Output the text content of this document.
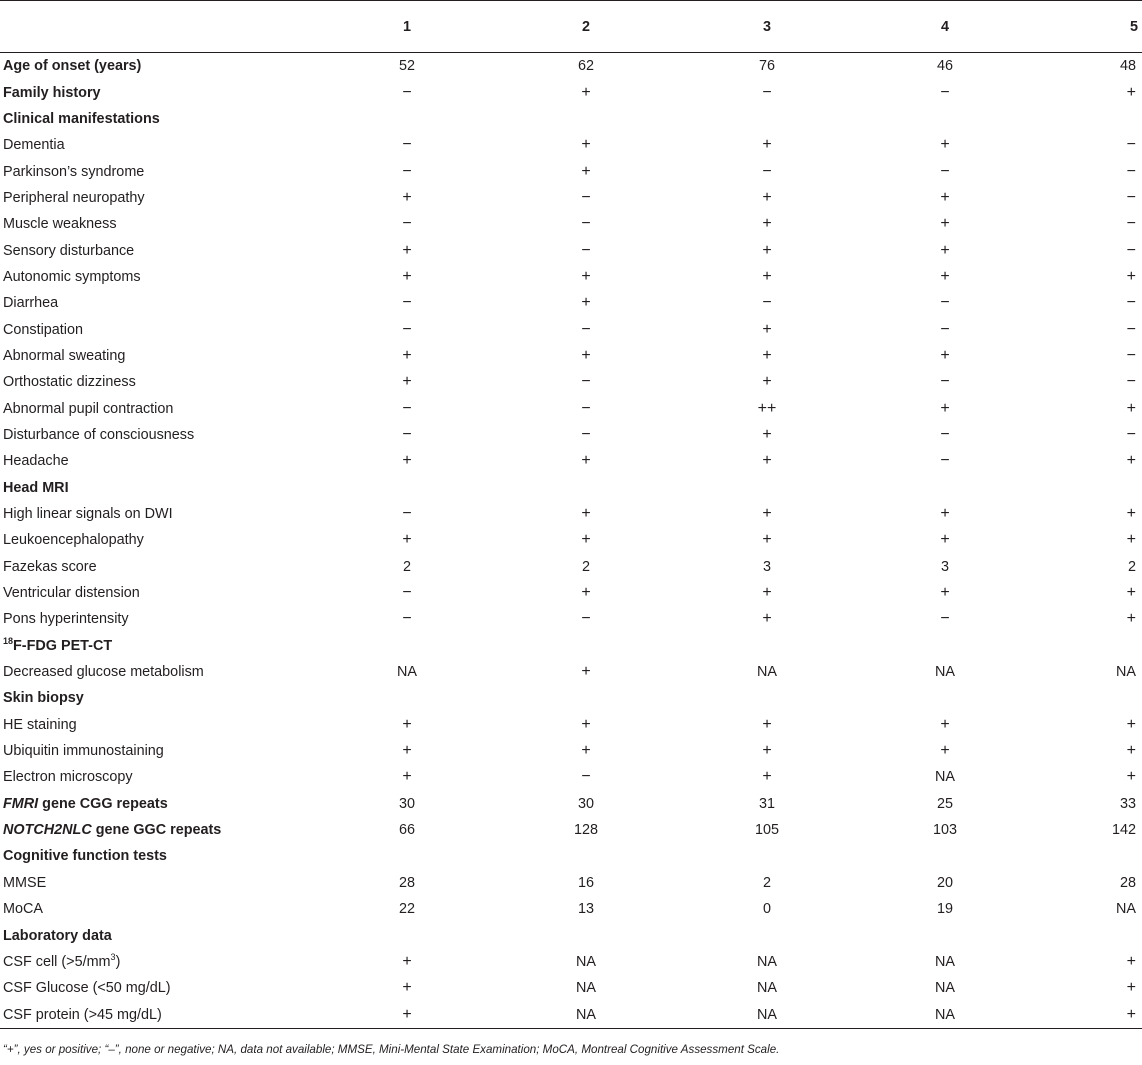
	1	2	3	4	5
Age of onset (years)	52	62	76	46	48
Family history	−	+	−	−	+
Clinical manifestations					
Dementia	−	+	+	+	−
Parkinson’s syndrome	−	+	−	−	−
Peripheral neuropathy	+	−	+	+	−
Muscle weakness	−	−	+	+	−
Sensory disturbance	+	−	+	+	−
Autonomic symptoms	+	+	+	+	+
Diarrhea	−	+	−	−	−
Constipation	−	−	+	−	−
Abnormal sweating	+	+	+	+	−
Orthostatic dizziness	+	−	+	−	−
Abnormal pupil contraction	−	−	++	+	+
Disturbance of consciousness	−	−	+	−	−
Headache	+	+	+	−	+
Head MRI					
High linear signals on DWI	−	+	+	+	+
Leukoencephalopathy	+	+	+	+	+
Fazekas score	2	2	3	3	2
Ventricular distension	−	+	+	+	+
Pons hyperintensity	−	−	+	−	+
$^{18}$F-FDG PET-CT					
Decreased glucose metabolism	NA	+	NA	NA	NA
Skin biopsy					
HE staining	+	+	+	+	+
Ubiquitin immunostaining	+	+	+	+	+
Electron microscopy	+	−	+	NA	+
FMRI gene CGG repeats	30	30	31	25	33
NOTCH2NLC gene GGC repeats	66	128	105	103	142
Cognitive function tests					
MMSE	28	16	2	20	28
MoCA	22	13	0	19	NA
Laboratory data					
CSF cell $(>5/mm^3)$	+	NA	NA	NA	+
CSF Glucose (<50 mg/dL)	+	NA	NA	NA	+
CSF protein (>45 mg/dL)	+	NA	NA	NA	+
“+”, yes or positive; “–”, none or negative; NA, data not available; MMSE, Mini-Mental State Examination; MoCA, Montreal Cognitive Assessment Scale.
